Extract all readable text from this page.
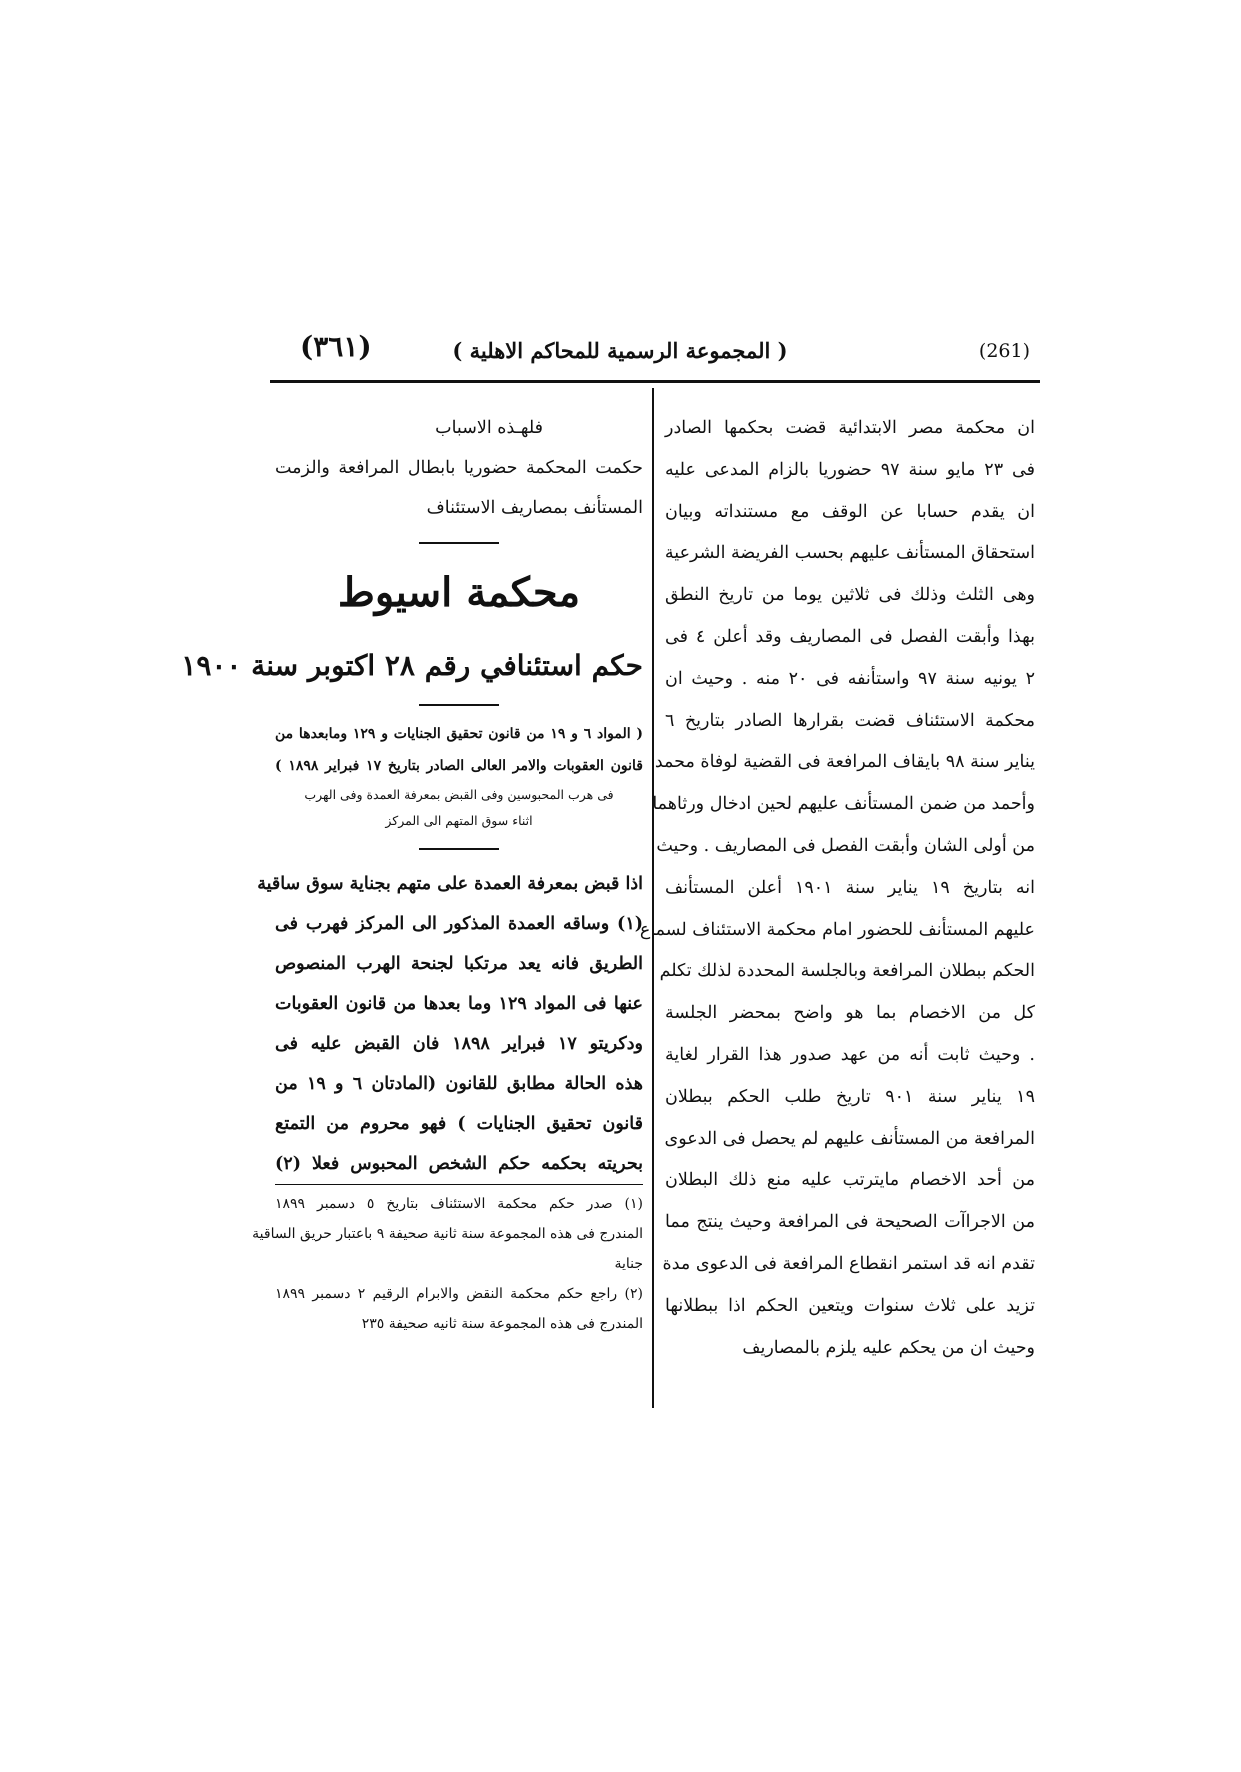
(٣٦١)	( المجموعة الرسمية للمحاكم الاهلية )	(261)
فلهـذه الاسباب
حكمت المحكمة حضوريا بابطال المرافعة والزمت
المستأنف بمصاريف الاستئناف
محكمة اسيوط
حكم استئنافي رقم ٢٨ اكتوبر سنة ١٩٠٠
( المواد ٦ و ١٩ من قانون تحقيق الجنايات و ١٢٩ ومابعدها من
قانون العقوبات والامر العالى الصادر بتاريخ ١٧ فبراير ١٨٩٨ )
فى هرب المحبوسين وفى القبض بمعرفة العمدة وفى الهرب
اثناء سوق المتهم الى المركز
اذا قبض بمعرفة العمدة على متهم بجناية سوق ساقية
(١) وساقه العمدة المذكور الى المركز فهرب فى
الطريق فانه يعد مرتكبا لجنحة الهرب المنصوص
عنها فى المواد ١٢٩ وما بعدها من قانون العقوبات
ودكريتو ١٧ فبراير ١٨٩٨ فان القبض عليه فى
هذه الحالة مطابق للقانون (المادتان ٦ و ١٩ من
قانون تحقيق الجنايات ) فهو محروم من التمتع
بحريته بحكمه حكم الشخص المحبوس فعلا (٢)
(١) صدر حكم محكمة الاستئناف بتاريخ ٥ دسمبر ١٨٩٩
المندرج فى هذه المجموعة سنة ثانية صحيفة ٩ باعتبار حريق الساقية
جناية
(٢) راجع حكم محكمة النقض والابرام الرقيم ٢ دسمبر ١٨٩٩
المندرج فى هذه المجموعة سنة ثانيه صحيفة ٢٣٥
ان محكمة مصر الابتدائية قضت بحكمها الصادر
فى ٢٣ مايو سنة ٩٧ حضوريا بالزام المدعى عليه
ان يقدم حسابا عن الوقف مع مستنداته وبيان
استحقاق المستأنف عليهم بحسب الفريضة الشرعية
وهى الثلث وذلك فى ثلاثين يوما من تاريخ النطق
بهذا وأبقت الفصل فى المصاريف وقد أعلن ٤ فى
٢ يونيه سنة ٩٧ واستأنفه فى ٢٠ منه . وحيث ان
محكمة الاستئناف قضت بقرارها الصادر بتاريخ ٦
يناير سنة ٩٨ بايقاف المرافعة فى القضية لوفاة محمد
وأحمد من ضمن المستأنف عليهم لحين ادخال ورثاهما
من أولى الشان وأبقت الفصل فى المصاريف . وحيث
انه بتاريخ ١٩ يناير سنة ١٩٠١ أعلن المستأنف
عليهم المستأنف للحضور امام محكمة الاستئناف لسماع
الحكم ببطلان المرافعة وبالجلسة المحددة لذلك تكلم
كل من الاخصام بما هو واضح بمحضر الجلسة
. وحيث ثابت أنه من عهد صدور هذا القرار لغاية
١٩ يناير سنة ٩٠١ تاريخ طلب الحكم ببطلان
المرافعة من المستأنف عليهم لم يحصل فى الدعوى
من أحد الاخصام مايترتب عليه منع ذلك البطلان
من الاجراآت الصحيحة فى المرافعة وحيث ينتج مما
تقدم انه قد استمر انقطاع المرافعة فى الدعوى مدة
تزيد على ثلاث سنوات ويتعين الحكم اذا ببطلانها
وحيث ان من يحكم عليه يلزم بالمصاريف
